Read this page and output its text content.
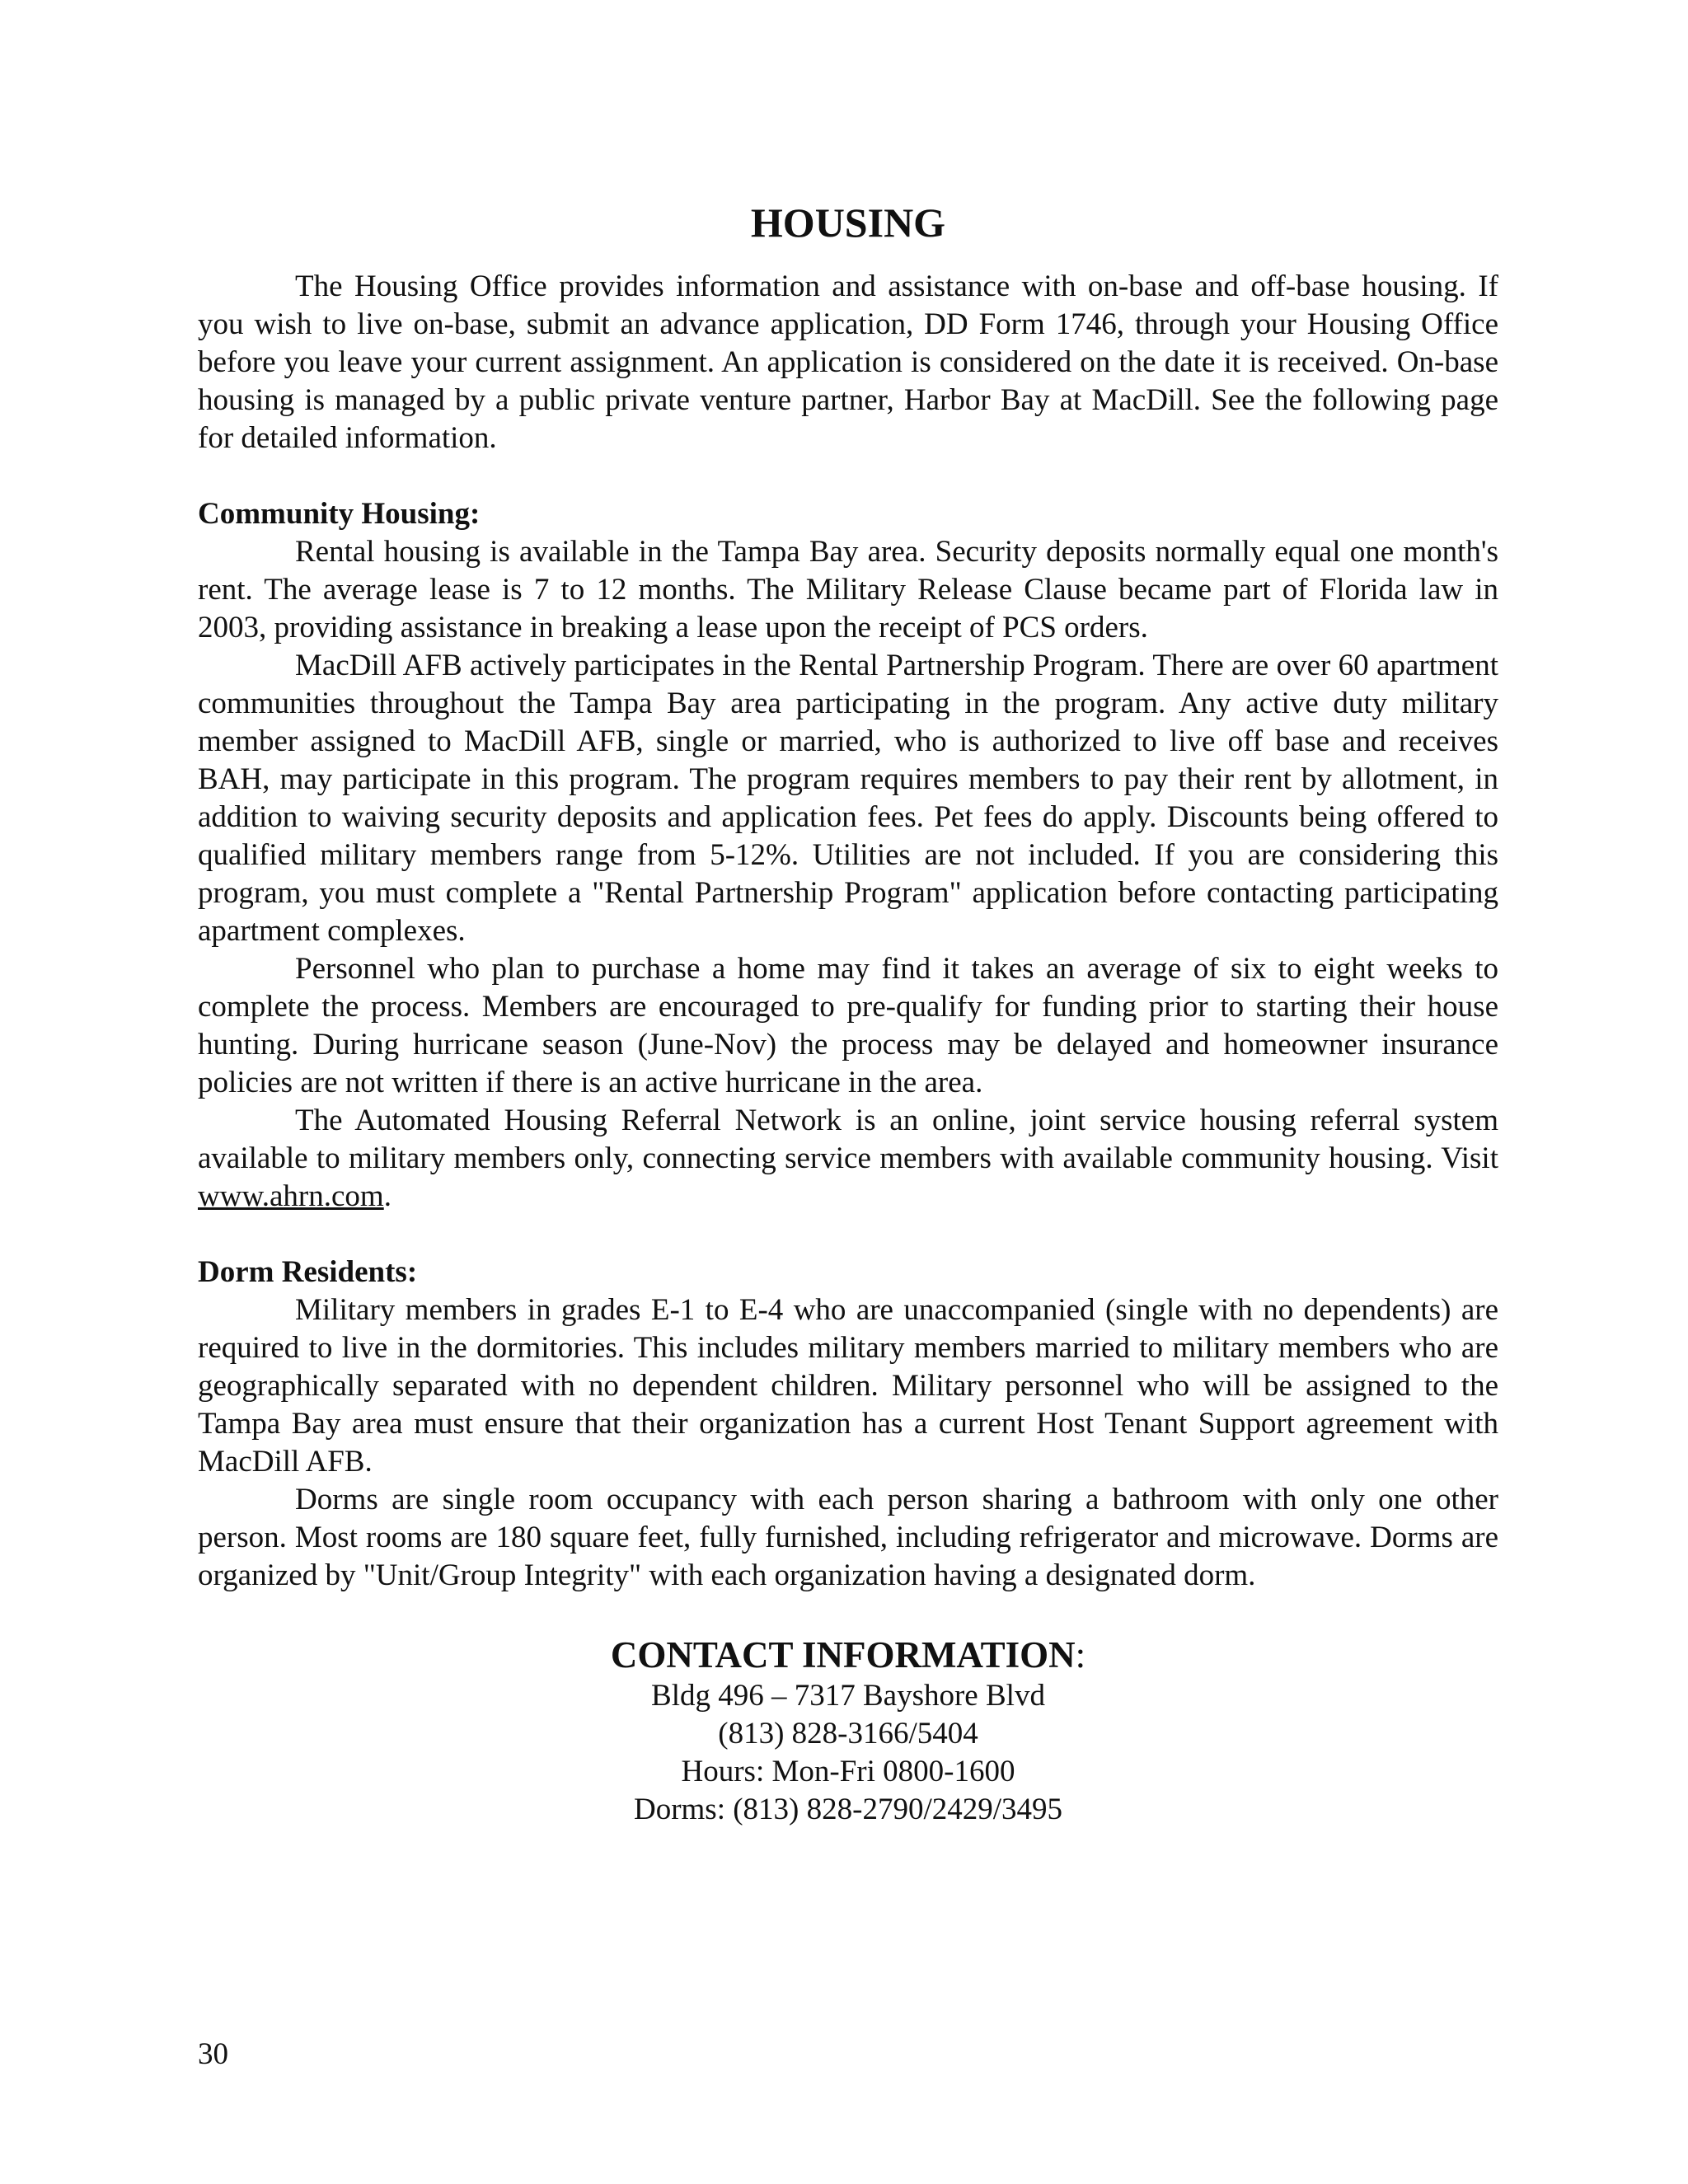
HOUSING

The Housing Office provides information and assistance with on-base and off-base housing. If you wish to live on-base, submit an advance application, DD Form 1746, through your Housing Office before you leave your current assignment. An application is considered on the date it is received. On-base housing is managed by a public private venture partner, Harbor Bay at MacDill. See the following page for detailed information.

Community Housing:

Rental housing is available in the Tampa Bay area. Security deposits normally equal one month's rent. The average lease is 7 to 12 months. The Military Release Clause became part of Florida law in 2003, providing assistance in breaking a lease upon the receipt of PCS orders.

MacDill AFB actively participates in the Rental Partnership Program. There are over 60 apartment communities throughout the Tampa Bay area participating in the program. Any active duty military member assigned to MacDill AFB, single or married, who is authorized to live off base and receives BAH, may participate in this program. The program requires members to pay their rent by allotment, in addition to waiving security deposits and application fees. Pet fees do apply. Discounts being offered to qualified military members range from 5-12%. Utilities are not included. If you are considering this program, you must complete a "Rental Partnership Program" application before contacting participating apartment complexes.

Personnel who plan to purchase a home may find it takes an average of six to eight weeks to complete the process. Members are encouraged to pre-qualify for funding prior to starting their house hunting. During hurricane season (June-Nov) the process may be delayed and homeowner insurance policies are not written if there is an active hurricane in the area.

The Automated Housing Referral Network is an online, joint service housing referral system available to military members only, connecting service members with available community housing. Visit www.ahrn.com.

Dorm Residents:

Military members in grades E-1 to E-4 who are unaccompanied (single with no dependents) are required to live in the dormitories. This includes military members married to military members who are geographically separated with no dependent children. Military personnel who will be assigned to the Tampa Bay area must ensure that their organization has a current Host Tenant Support agreement with MacDill AFB.

Dorms are single room occupancy with each person sharing a bathroom with only one other person. Most rooms are 180 square feet, fully furnished, including refrigerator and microwave. Dorms are organized by "Unit/Group Integrity" with each organization having a designated dorm.

CONTACT INFORMATION:
Bldg 496 – 7317 Bayshore Blvd
(813) 828-3166/5404
Hours: Mon-Fri 0800-1600
Dorms: (813) 828-2790/2429/3495
30
